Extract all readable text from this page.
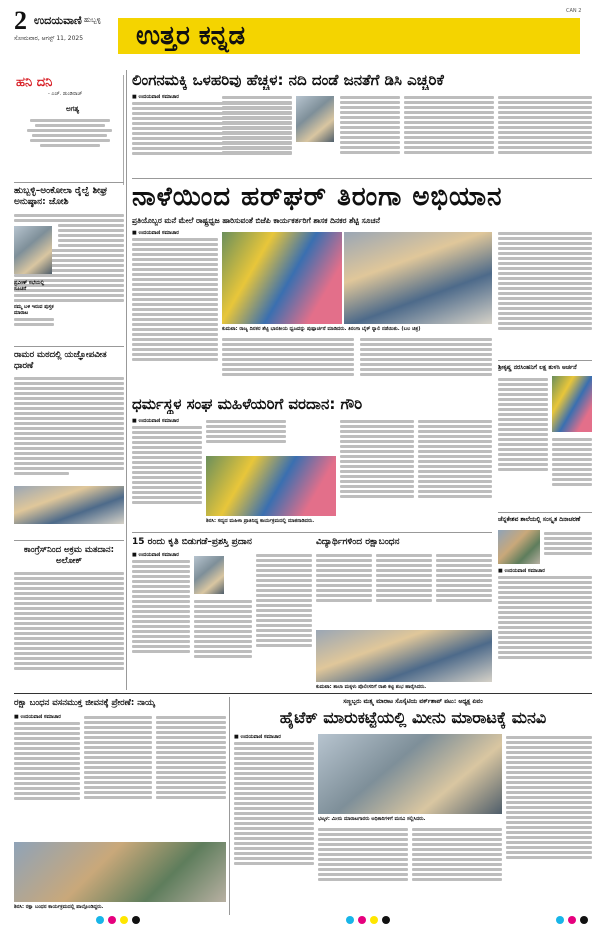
2 ಉದಯವಾಣಿ ಹುಬ್ಬಳ್ಳಿ
ಸೋಮವಾರ, ಆಗಸ್ಟ್ 11, 2025 ಉತ್ತರ ಕನ್ನಡ
CAN 2
ಹನಿ ದನಿ
- ಎಚ್. ಡುಂಡಿರಾಜ್
ಅಗತ್ಯ
ಹುಬ್ಬಳ್ಳಿ–ಅಂಕೋಲಾ ರೈಲ್ವೆ ಶೀಘ್ರ ಅನುಷ್ಠಾನ: ಜೋಶಿ
ಪ್ರವೀಣ್ ಸಭೆಯಲ್ಲಿ ಸೂಚನೆ
ನಮ್ಮ ಬಳಿ ಇರುವ ಪುಸ್ತಕ ಮಾರಾಟ
ರಾಮರ ಮಠದಲ್ಲಿ ಯಜ್ಞೋಪವೀತ ಧಾರಣೆ
ಕಾಂಗ್ರೆಸ್‌ನಿಂದ ಅಕ್ರಮ ಮತದಾನ: ಅಲೋಕ್
ಲಿಂಗನಮಕ್ಕಿ ಒಳಹರಿವು ಹೆಚ್ಚಳ: ನದಿ ದಂಡೆ ಜನತೆಗೆ ಡಿಸಿ ಎಚ್ಚರಿಕೆ
■ ಉದಯವಾಣಿ ಸಮಾಚಾರ
ನಾಳೆಯಿಂದ ಹರ್‌ಘರ್ ತಿರಂಗಾ ಅಭಿಯಾನ
ಪ್ರತಿಯೊಬ್ಬರ ಮನೆ ಮೇಲೆ ರಾಷ್ಟ್ರಧ್ವಜ ಹಾರಿಸುವಂತೆ ಬಿಜೆಪಿ ಕಾರ್ಯಕರ್ತರಿಗೆ ಶಾಸಕ ದಿನಕರ ಶೆಟ್ಟಿ ಸೂಚನೆ
■ ಉದಯವಾಣಿ ಸಮಾಚಾರ
ಕುಮಟಾ: ರಾಜ್ಯ ದಿನಕರ ಶೆಟ್ಟಿ ಭಾರತೀಯ ಧ್ವಜವನ್ನು ಪುಷ್ಪಾರ್ಚನೆ ಮಾಡಿದರು. ತಿರಂಗಾ ಬೈಕ್ ರ‍್ಯಾಲಿ ನಡೆಯಿತು. (ಬಲ ಚಿತ್ರ)
ಧರ್ಮಸ್ಥಳ ಸಂಘ ಮಹಿಳೆಯರಿಗೆ ವರದಾನ: ಗೌರಿ
■ ಉದಯವಾಣಿ ಸಮಾಚಾರ
ಶಿರಸಿ: ಸದ್ಯದ ಮಹಿಳಾ ಪ್ರಾತಿನಿಧ್ಯ ಕಾರ್ಯಕ್ರಮದಲ್ಲಿ ಮಾತನಾಡಿದರು.
ಶ್ರೀಕೃಷ್ಣ ನರಸಿಂಹನಿಗೆ ಲಕ್ಷ ತುಳಸಿ ಅರ್ಚನೆ
ಚೆನ್ನಕೇಶವ ಶಾಲೆಯಲ್ಲಿ ಸಂಸ್ಕೃತ ದಿನಾಚರಣೆ
■ ಉದಯವಾಣಿ ಸಮಾಚಾರ
15 ರಂದು ಕೃತಿ ಬಿಡುಗಡೆ–ಪ್ರಶಸ್ತಿ ಪ್ರದಾನ
■ ಉದಯವಾಣಿ ಸಮಾಚಾರ
ವಿದ್ಯಾರ್ಥಿಗಳಿಂದ ರಕ್ಷಾಬಂಧನ
ಕುಮಟಾ: ಶಾಲಾ ಮಕ್ಕಳು ಪೊಲೀಸರಿಗೆ ರಾಖಿ ಕಟ್ಟಿ ಶುಭ ಹಾರೈಸಿದರು.
ರಕ್ಷಾ ಬಂಧನ ವಸನಮುಕ್ತ ಜೀವನಕ್ಕೆ ಪ್ರೇರಣೆ: ನಾಯ್ಕ
■ ಉದಯವಾಣಿ ಸಮಾಚಾರ
ಶಿರಸಿ: ರಕ್ಷಾ ಬಂಧನ ಕಾರ್ಯಕ್ರಮದಲ್ಲಿ ಪಾಲ್ಗೊಂಡಿದ್ದರು.
ಸಣ್ಣಬ್ಬರು ಮತ್ಸ್ಯ ಮಾರಾಟ ಸೊಸೈಟಿಯ ವರ್ಕ್‌ಶಾಪ್ ಪಟು: ಅಧ್ಯಕ್ಷ ಏವಂ
ಹೈಟೆಕ್ ಮಾರುಕಟ್ಟೆಯಲ್ಲಿ ಮೀನು ಮಾರಾಟಕ್ಕೆ ಮನವಿ
■ ಉದಯವಾಣಿ ಸಮಾಚಾರ
ಭಟ್ಕಳ: ಮೀನು ಮಾರಾಟಗಾರರು ಅಧಿಕಾರಿಗಳಿಗೆ ಮನವಿ ಸಲ್ಲಿಸಿದರು.
